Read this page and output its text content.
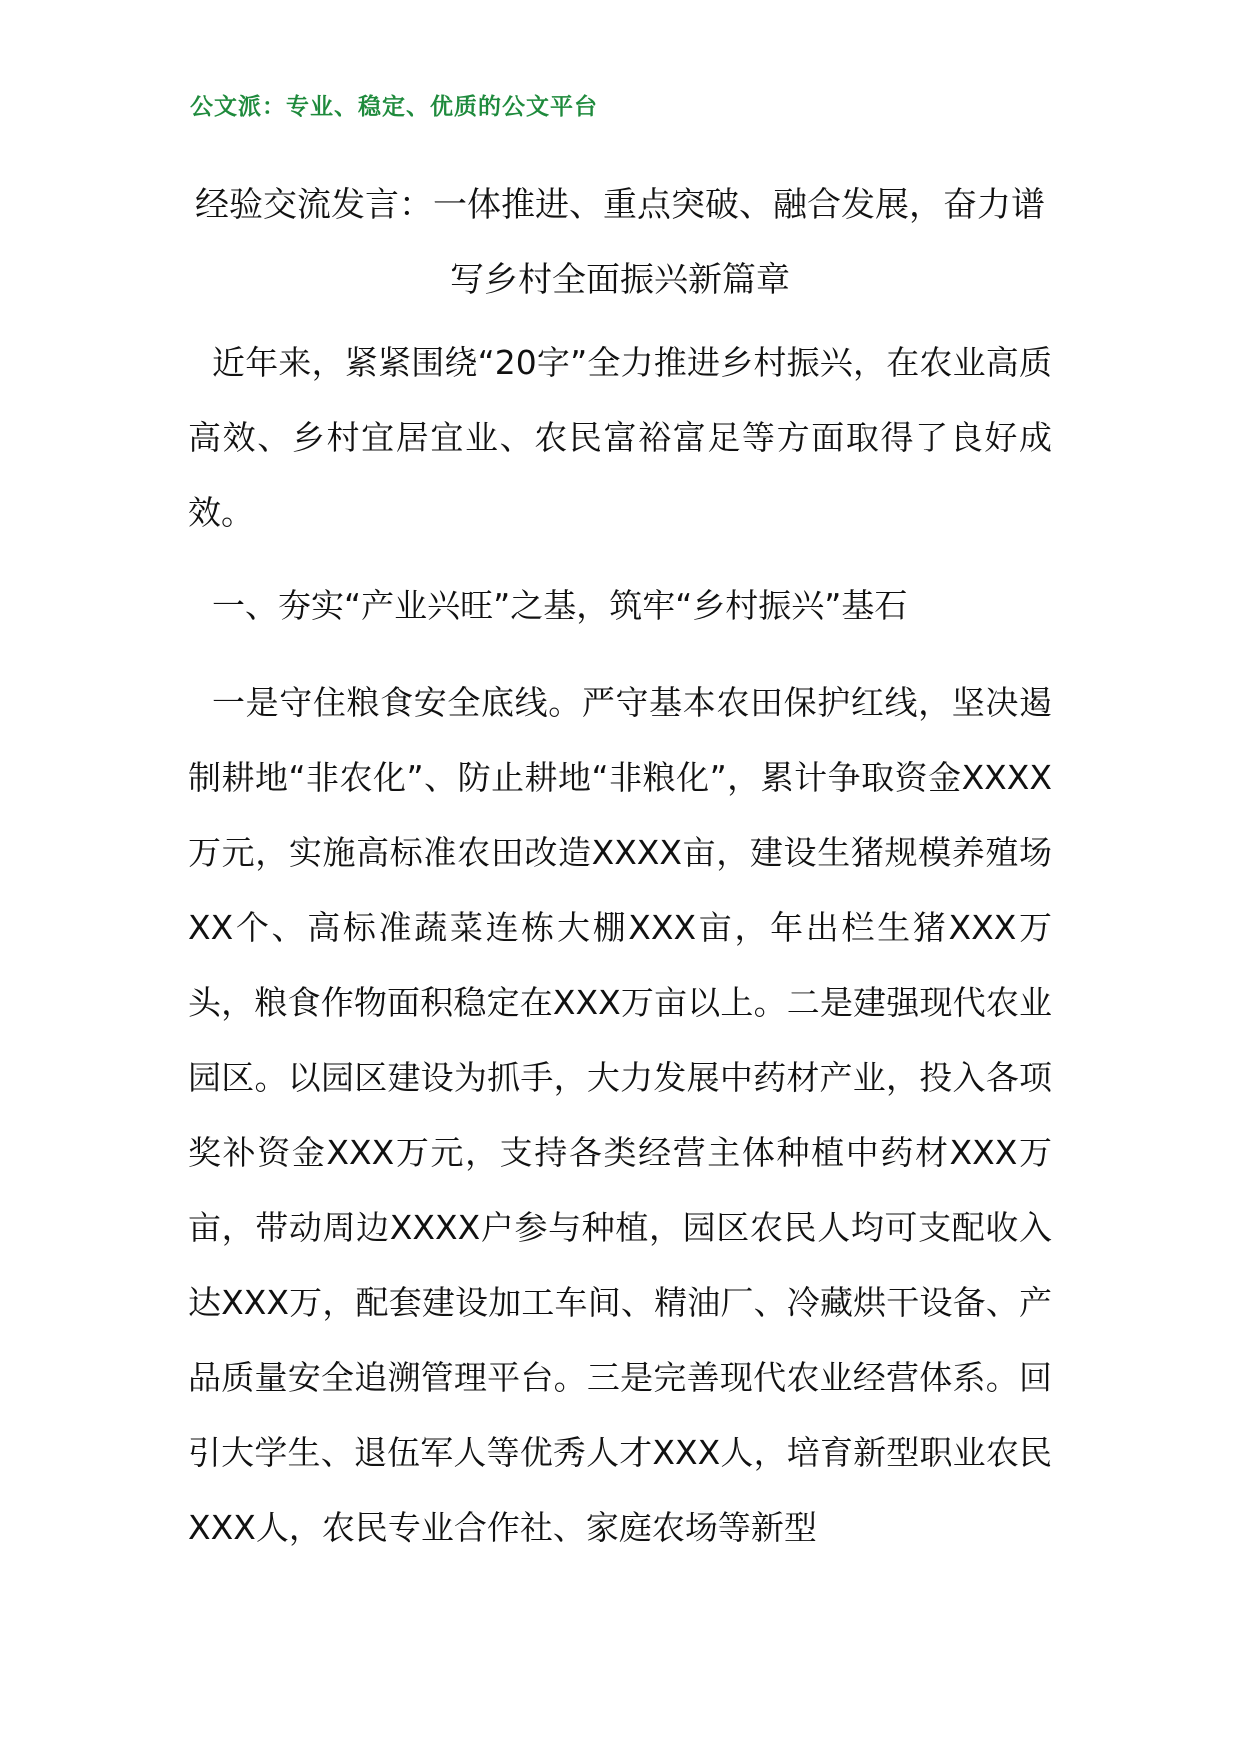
公文派：专业、稳定、优质的公文平台
经验交流发言：一体推进、重点突破、融合发展，奋力谱写乡村全面振兴新篇章

近年来，紧紧围绕“20字”全力推进乡村振兴，在农业高质高效、乡村宜居宜业、农民富裕富足等方面取得了良好成效。

一、夯实“产业兴旺”之基，筑牢“乡村振兴”基石

一是守住粮食安全底线。严守基本农田保护红线，坚决遏制耕地“非农化”、防止耕地“非粮化”，累计争取资金XXXX万元，实施高标准农田改造XXXX亩，建设生猪规模养殖场XX个、高标准蔬菜连栋大棚XXX亩，年出栏生猪XXX万头，粮食作物面积稳定在XXX万亩以上。二是建强现代农业园区。以园区建设为抓手，大力发展中药材产业，投入各项奖补资金XXX万元，支持各类经营主体种植中药材XXX万亩，带动周边XXXX户参与种植，园区农民人均可支配收入达XXX万，配套建设加工车间、精油厂、冷藏烘干设备、产品质量安全追溯管理平台。三是完善现代农业经营体系。回引大学生、退伍军人等优秀人才XXX人，培育新型职业农民XXX人，农民专业合作社、家庭农场等新型
